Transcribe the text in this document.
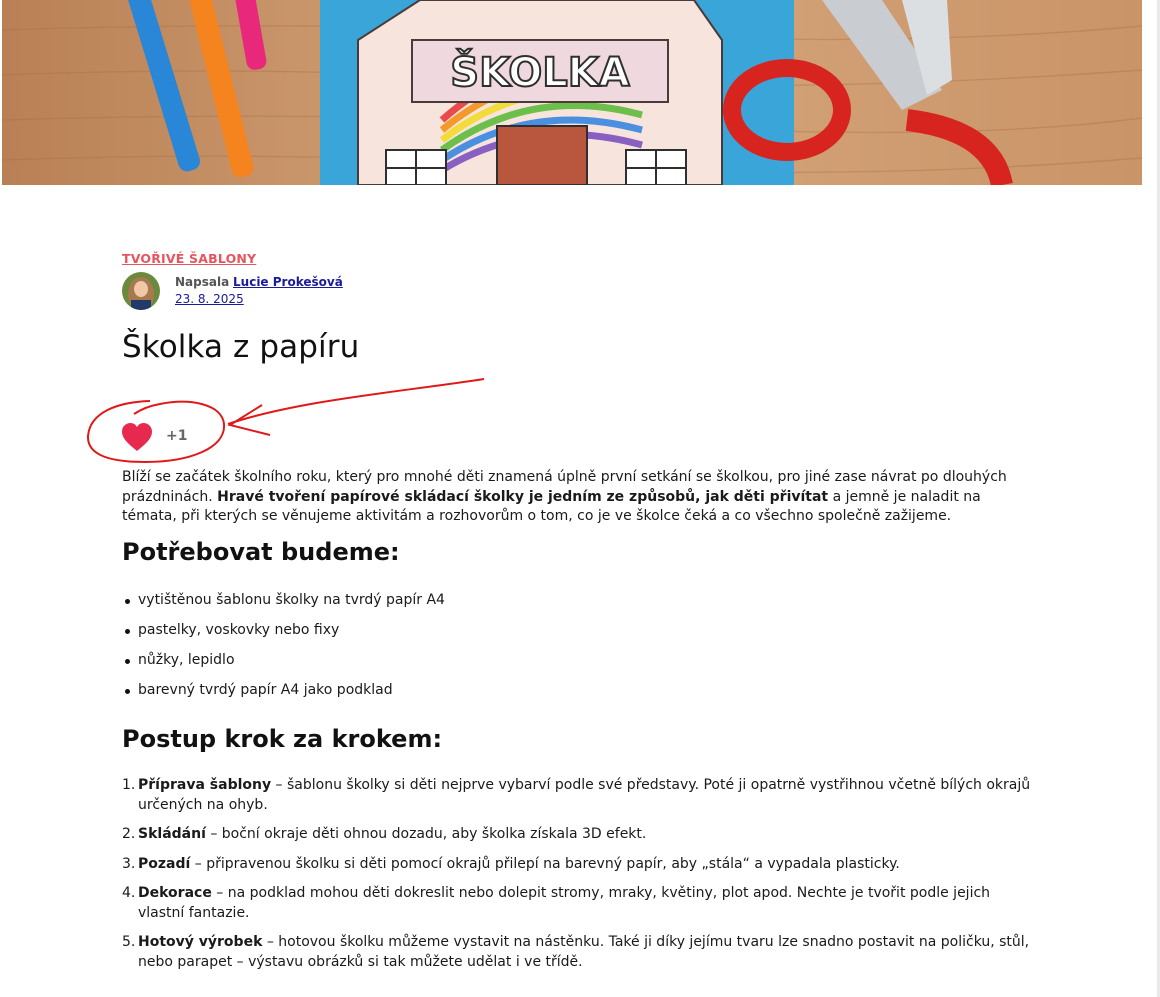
ŠKOLKA
TVOŘIVÉ ŠABLONY
Napsala Lucie Prokešová
23. 8. 2025
Školka z papíru
+1

Blíží se začátek školního roku, který pro mnohé děti znamená úplně první setkání se školkou, pro jiné zase návrat po dlouhých prázdninách. Hravé tvoření papírové skládací školky je jedním ze způsobů, jak děti přivítat a jemně je naladit na témata, při kterých se věnujeme aktivitám a rozhovorům o tom, co je ve školce čeká a co všechno společně zažijeme.

Potřebovat budeme:
vytištěnou šablonu školky na tvrdý papír A4
pastelky, voskovky nebo fixy
nůžky, lepidlo
barevný tvrdý papír A4 jako podklad
Postup krok za krokem:
1. Příprava šablony – šablonu školky si děti nejprve vybarví podle své představy. Poté ji opatrně vystřihnou včetně bílých okrajů určených na ohyb.
2. Skládání – boční okraje děti ohnou dozadu, aby školka získala 3D efekt.
3. Pozadí – připravenou školku si děti pomocí okrajů přilepí na barevný papír, aby „stála“ a vypadala plasticky.
4. Dekorace – na podklad mohou děti dokreslit nebo dolepit stromy, mraky, květiny, plot apod. Nechte je tvořit podle jejich vlastní fantazie.
5. Hotový výrobek – hotovou školku můžeme vystavit na nástěnku. Také ji díky jejímu tvaru lze snadno postavit na poličku, stůl, nebo parapet – výstavu obrázků si tak můžete udělat i ve třídě.
